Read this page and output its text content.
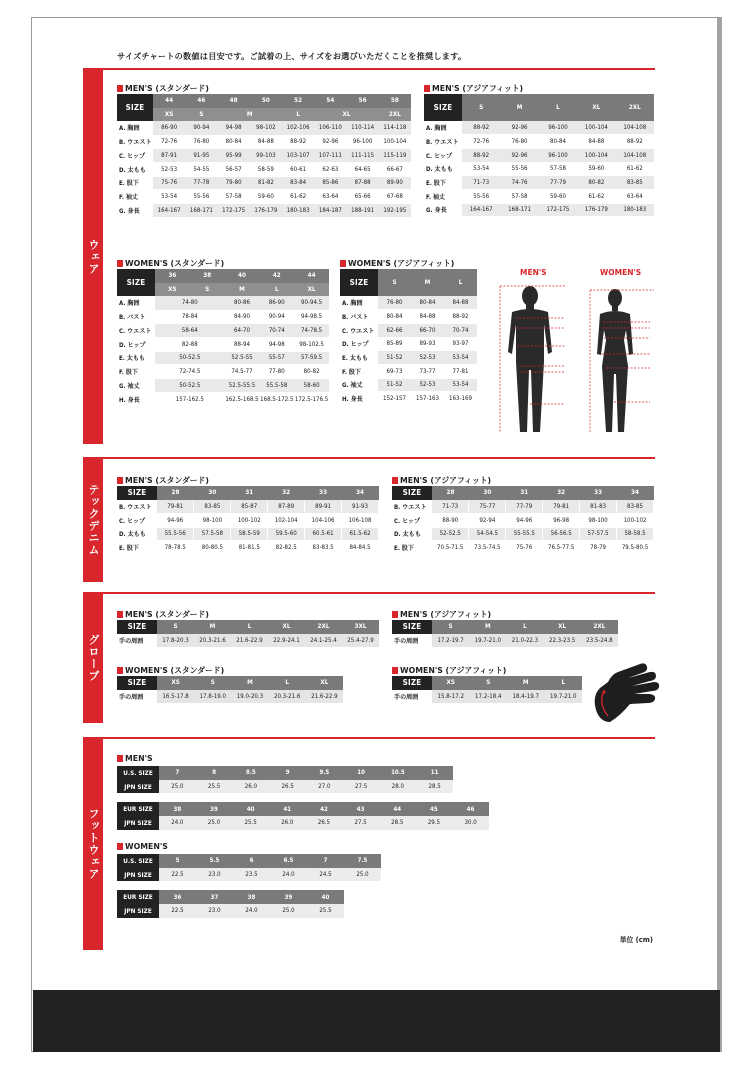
サイズチャートの数値は目安です。ご試着の上、サイズをお選びいただくことを推奨します。
ウェア
テックデニム
グローブ
フットウェア
MEN'S (スタンダード)
SIZE	44	46	48	50	52	54	56	58
	XS	S	M		L	XL		2XL
A. 胸囲	86-90	90-94	94-98	98-102	102-106	106-110	110-114	114-118
B. ウエスト	72-76	76-80	80-84	84-88	88-92	92-96	96-100	100-104
C. ヒップ	87-91	91-95	95-99	99-103	103-107	107-111	111-115	115-119
D. 太もも	52-53	54-55	56-57	58-59	60-61	62-63	64-65	66-67
E. 股下	75-76	77-78	79-80	81-82	83-84	85-86	87-88	89-90
F. 袖丈	53-54	55-56	57-58	59-60	61-62	63-64	65-66	67-68
G. 身長	164-167	168-171	172-175	176-179	180-183	184-187	188-191	192-195
MEN'S (アジアフィット)
SIZE	S	M	L	XL	2XL
A. 胸囲	88-92	92-96	96-100	100-104	104-108
B. ウエスト	72-76	76-80	80-84	84-88	88-92
C. ヒップ	88-92	92-96	96-100	100-104	104-108
D. 太もも	53-54	55-56	57-58	59-60	61-62
E. 股下	71-73	74-76	77-79	80-82	83-85
F. 袖丈	55-56	57-58	59-60	61-62	63-64
G. 身長	164-167	168-171	172-175	176-179	180-183
WOMEN'S (スタンダード)
SIZE	36	38	40	42	44
	XS	S	M	L	XL
A. 胸囲	74-80		80-86	86-90	90-94.5
B. バスト	78-84		84-90	90-94	94-98.5
C. ウエスト	58-64		64-70	70-74	74-78.5
D. ヒップ	82-88		88-94	94-98	98-102.5
E. 太もも	50-52.5		52.5-55	55-57	57-59.5
F. 股下	72-74.5		74.5-77	77-80	80-82
G. 袖丈	50-52.5		52.5-55.5	55.5-58	58-60
H. 身長	157-162.5		162.5-168.5	168.5-172.5	172.5-176.5
WOMEN'S (アジアフィット)
SIZE	S	M	L
A. 胸囲	76-80	80-84	84-88
B. バスト	80-84	84-88	88-92
C. ウエスト	62-66	66-70	70-74
D. ヒップ	85-89	89-93	93-97
E. 太もも	51-52	52-53	53-54
F. 股下	69-73	73-77	77-81
G. 袖丈	51-52	52-53	53-54
H. 身長	152-157	157-163	163-169
MEN'S	WOMEN'S
MEN'S (スタンダード)
SIZE	28	30	31	32	33	34
B. ウエスト	79-81	83-85	85-87	87-89	89-91	91-93
C. ヒップ	94-96	98-100	100-102	102-104	104-106	106-108
D. 太もも	55.5-56	57.5-58	58.5-59	59.5-60	60.5-61	61.5-62
E. 股下	78-78.5	80-80.5	81-81.5	82-82.5	83-83.5	84-84.5
MEN'S (アジアフィット)
SIZE	28	30	31	32	33	34
B. ウエスト	71-73	75-77	77-79	79-81	81-83	83-85
C. ヒップ	88-90	92-94	94-96	96-98	98-100	100-102
D. 太もも	52-52.5	54-54.5	55-55.5	56-56.5	57-57.5	58-58.5
E. 股下	70.5-71.5	73.5-74.5	75-76	76.5-77.5	78-79	79.5-80.5
MEN'S (スタンダード)
SIZE	S	M	L	XL	2XL	3XL
手の周囲	17.8-20.3	20.3-21.6	21.6-22.9	22.9-24.1	24.1-25.4	25.4-27.9
MEN'S (アジアフィット)
SIZE	S	M	L	XL	2XL
手の周囲	17.2-19.7	19.7-21.0	21.0-22.3	22.3-23.5	23.5-24.8
WOMEN'S (スタンダード)
SIZE	XS	S	M	L	XL
手の周囲	16.5-17.8	17.8-19.0	19.0-20.3	20.3-21.6	21.6-22.9
WOMEN'S (アジアフィット)
SIZE	XS	S	M	L
手の周囲	15.8-17.2	17.2-18.4	18.4-19.7	19.7-21.0
MEN'S
U.S. SIZE	7	8	8.5	9	9.5	10	10.5	11
JPN SIZE	25.0	25.5	26.0	26.5	27.0	27.5	28.0	28.5
EUR SIZE	38	39	40	41	42	43	44	45	46
JPN SIZE	24.0	25.0	25.5	26.0	26.5	27.5	28.5	29.5	30.0
WOMEN'S
U.S. SIZE	5	5.5	6	6.5	7	7.5
JPN SIZE	22.5	23.0	23.5	24.0	24.5	25.0
EUR SIZE	36	37	38	39	40
JPN SIZE	22.5	23.0	24.0	25.0	25.5
単位 (cm)
